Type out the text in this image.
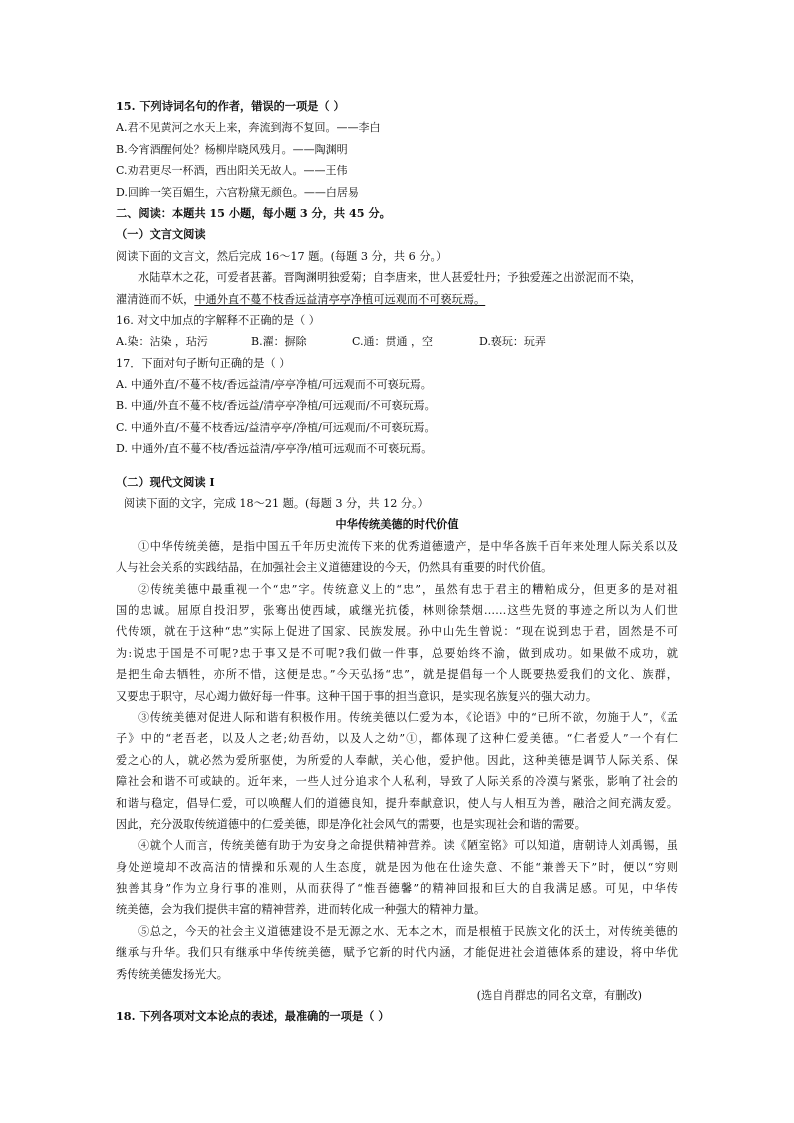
15. 下列诗词名句的作者，错误的一项是（ ）
A.君不见黄河之水天上来，奔流到海不复回。——李白
B.今宵酒醒何处？杨柳岸晓风残月。——陶渊明
C.劝君更尽一杯酒，西出阳关无故人。——王伟
D.回眸一笑百媚生，六宫粉黛无颜色。——白居易
二、阅读：本题共 15 小题，每小题 3 分，共 45 分。
（一）文言文阅读
阅读下面的文言文，然后完成 16～17 题。(每题 3 分，共 6 分。）
水陆草木之花，可爱者甚蕃。晋陶渊明独爱菊；自李唐来，世人甚爱牡丹；予独爱莲之出淤泥而不染，
濯清涟而不妖，中通外直不蔓不枝香远益清亭亭净植可远观而不可亵玩焉。
16. 对文中加点的字解释不正确的是（ ）
A.染：沾染 ，玷污	B.濯：摒除	C.通：贯通 ，空	D.亵玩：玩弄
17．下面对句子断句正确的是（ ）
A. 中通外直/不蔓不枝/香远益清/亭亭净植/可远观而不可亵玩焉。
B. 中通/外直不蔓不枝/香远益/清亭亭净植/可远观而/不可亵玩焉。
C. 中通外直/不蔓不枝香远/益清亭亭/净植/可远观而/不可亵玩焉。
D. 中通外/直不蔓不枝/香远益清/亭亭净/植可远观而不可亵玩焉。
（二）现代文阅读 Ⅰ
阅读下面的文字，完成 18～21 题。(每题 3 分，共 12 分。）
中华传统美德的时代价值
①中华传统美德，是指中国五千年历史流传下来的优秀道德遗产，是中华各族千百年来处理人际关系以及
人与社会关系的实践结晶，在加强社会主义道德建设的今天，仍然具有重要的时代价值。
②传统美德中最重视一个“忠”字。传统意义上的“忠”，虽然有忠于君主的糟粕成分，但更多的是对祖
国的忠诚。屈原自投汨罗，张骞出使西域，戚继光抗倭，林则徐禁烟……这些先贤的事迹之所以为人们世
代传颂，就在于这种“忠”实际上促进了国家、民族发展。孙中山先生曾说：“现在说到忠于君，固然是不可
为:说忠于国是不可呢?忠于事又是不可呢?我们做一件事，总要始终不渝，做到成功。如果做不成功，就
是把生命去牺牲，亦所不惜，这便是忠。”今天弘扬“忠”，就是提倡每一个人既要热爱我们的文化、族群，
又要忠于职守，尽心竭力做好每一件事。这种干国于事的担当意识，是实现名族复兴的强大动力。
③传统美德对促进人际和谐有积极作用。传统美德以仁爱为本，《论语》中的“已所不欲，勿施于人”，《孟
子》中的“老吾老，以及人之老;幼吾幼，以及人之幼”①，都体现了这种仁爱美德。“仁者爱人”一个有仁
爱之心的人，就必然为爱所驱使，为所爱的人奉献，关心他，爱护他。因此，这种美德是调节人际关系、保
障社会和谐不可或缺的。近年来，一些人过分追求个人私利，导致了人际关系的冷漠与紧张，影响了社会的
和谐与稳定，倡导仁爱，可以唤醒人们的道德良知，提升奉献意识，使人与人相互为善，融洽之间充满友爱。
因此，充分汲取传统道德中的仁爱美德，即是净化社会风气的需要，也是实现社会和谐的需要。
④就个人而言，传统美德有助于为安身之命提供精神营养。读《陋室铭》可以知道，唐朝诗人刘禹锡，虽
身处逆境却不改高洁的情操和乐观的人生态度，就是因为他在仕途失意、不能“兼善天下”时，便以“穷则
独善其身”作为立身行事的准则，从而获得了“惟吾德馨”的精神回报和巨大的自我满足感。可见，中华传
统美德，会为我们提供丰富的精神营养，进而转化成一种强大的精神力量。
⑤总之，今天的社会主义道德建设不是无源之水、无本之木，而是根植于民族文化的沃土，对传统美德的
继承与升华。我们只有继承中华传统美德，赋予它新的时代内涵，才能促进社会道德体系的建设，将中华优
秀传统美德发扬光大。
(选自肖群忠的同名文章，有删改)
18. 下列各项对文本论点的表述，最准确的一项是（ ）
